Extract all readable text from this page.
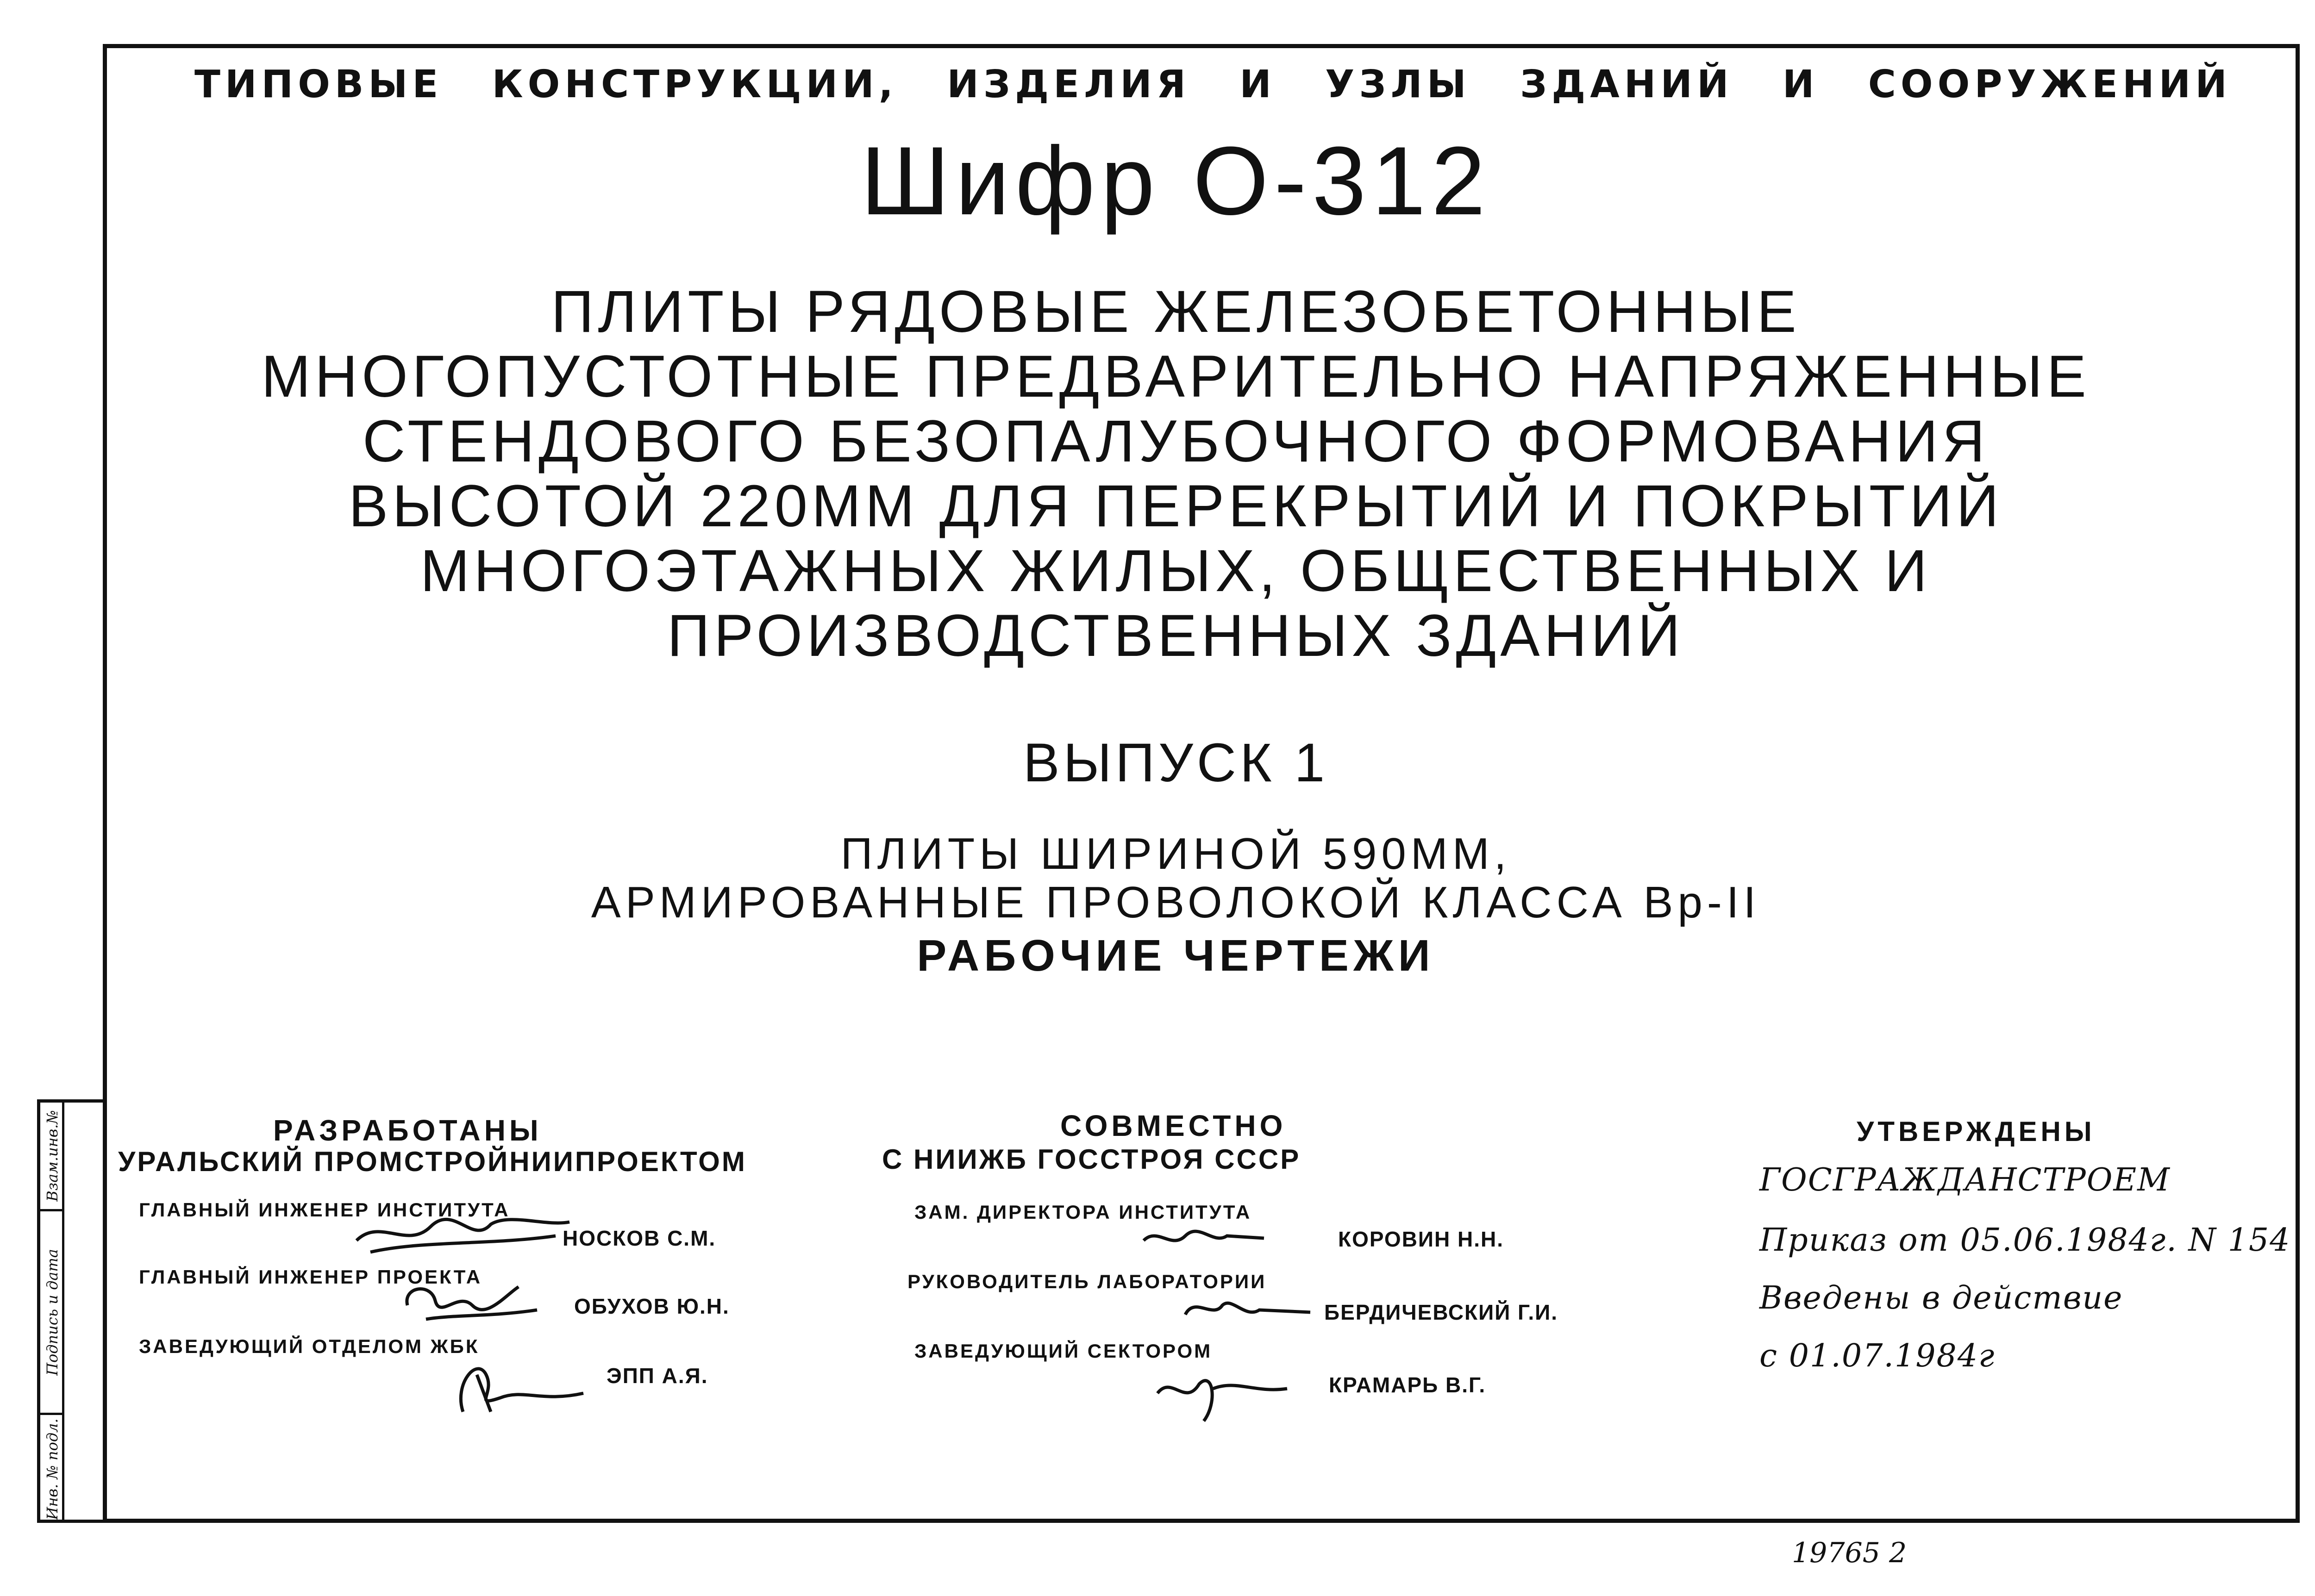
Взам.инв.№
Подпись и дата
Инв. № подл.
ТИПОВЫЕ КОНСТРУКЦИИ, ИЗДЕЛИЯ И УЗЛЫ ЗДАНИЙ И СООРУЖЕНИЙ
Шифр О-312
ПЛИТЫ РЯДОВЫЕ ЖЕЛЕЗОБЕТОННЫЕ
МНОГОПУСТОТНЫЕ ПРЕДВАРИТЕЛЬНО НАПРЯЖЕННЫЕ
СТЕНДОВОГО БЕЗОПАЛУБОЧНОГО ФОРМОВАНИЯ
ВЫСОТОЙ 220ММ ДЛЯ ПЕРЕКРЫТИЙ И ПОКРЫТИЙ
МНОГОЭТАЖНЫХ ЖИЛЫХ, ОБЩЕСТВЕННЫХ И
ПРОИЗВОДСТВЕННЫХ ЗДАНИЙ
ВЫПУСК 1
ПЛИТЫ ШИРИНОЙ 590ММ,
АРМИРОВАННЫЕ ПРОВОЛОКОЙ КЛАССА Вр-II
РАБОЧИЕ ЧЕРТЕЖИ
РАЗРАБОТАНЫ
УРАЛЬСКИЙ ПРОМСТРОЙНИИПРОЕКТОМ
ГЛАВНЫЙ ИНЖЕНЕР ИНСТИТУТА
НОСКОВ С.М.
ГЛАВНЫЙ ИНЖЕНЕР ПРОЕКТА
ОБУХОВ Ю.Н.
ЗАВЕДУЮЩИЙ ОТДЕЛОМ ЖБК
ЭПП А.Я.
СОВМЕСТНО
С НИИЖБ ГОССТРОЯ СССР
ЗАМ. ДИРЕКТОРА ИНСТИТУТА
КОРОВИН Н.Н.
РУКОВОДИТЕЛЬ ЛАБОРАТОРИИ
БЕРДИЧЕВСКИЙ Г.И.
ЗАВЕДУЮЩИЙ СЕКТОРОМ
КРАМАРЬ В.Г.
УТВЕРЖДЕНЫ
ГОСГРАЖДАНСТРОЕМ
Приказ от 05.06.1984г. N 154
Введены в действие
с 01.07.1984г
19765 2
